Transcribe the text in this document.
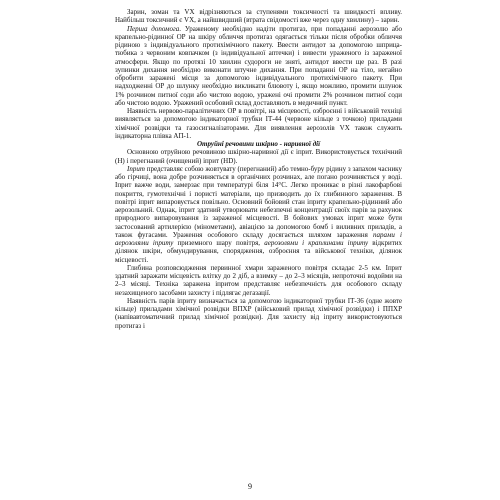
Зарин, зоман та VX відрізняються за ступенями токсичності та швидкості впливу. Найбільш токсичний є VX, а найшвидший (втрата свідомості вже через одну хвилину) – зарин.

Перша допомога. Ураженому необхідно надіти протигаз, при попаданні аерозолю або крапельно-рідинної ОР на шкіру обличчя протигаз одягається тільки після обробки обличчя рідиною з індивідуального протихімічного пакету. Ввести антидот за допомогою шприца-тюбика з червоним ковпачком (з індивідуальної аптечки) і вивести ураженого із зараженої атмосфери. Якщо по протязі 10 хвилин судороги не зняті, антидот ввести ще раз. В разі зупинки дихання необхідно виконати штучне дихання. При попаданні ОР на тіло, негайно обробити заражені місця за допомогою індивідуального протихімічного пакету. При надходженні ОР до шлунку необхідно викликати блювоту і, якщо можливо, промити шлунок 1% розчином питної соди або чистою водою, уражені очі промити 2% розчином питної соди або чистою водою. Уражений особовий склад доставляють в медичний пункт.

Наявність нервово-паралітичних ОР в повітрі, на місцевості, озброєнні і військовій техніці виявляється за допомогою індикаторної трубки ІТ-44 (червоне кільце з точкою) приладами хімічної розвідки та газосигналізаторами. Для виявлення аерозолів VX також служить індикаторна плівка АП-1.

Отруйні речовини шкірно - наривної дії

Основною отруйною речовиною шкірно-наривної дії є іприт. Використовується технічний (Н) і перегнаний (очищений) іприт (HD).

Іприт представляє собою жовтувату (перегнаний) або темно-буру рідину з запахом часнику або гірчиці, вона добре розчиняється в органічних розчинах, але погано розчиняється у воді. Іприт важче води, замерзає при температурі біля 14°С. Легко проникає в різні лакофарбові покриття, гумотехнічні і пористі матеріали, що призводить до їх глибинного зараження. В повітрі іприт випаровується повільно. Основний бойовий стан іприту крапельно-рідинний або аерозольний. Однак, іприт здатний утворювати небезпечні концентрації своїх парів за рахунок природного випаровування із зараженої місцевості. В бойових умовах іприт може бути застосований артилерією (мінометами), авіацією за допомогою бомб і виливних приладів, а також фугасами. Ураження особового складу досягається шляхом зараження парами і аерозолями іприту приземного шару повітря, аерозолями і краплинами іприту відкритих ділянок шкіри, обмундирування, спорядження, озброєння та військової техніки, ділянок місцевості.

Глибина розповсюдження первинної хмари зараженого повітря складає 2-5 км. Іприт здатний заражати місцевість влітку до 2 діб, а взимку – до 2–3 місяців, непроточні водойми на 2–3 місяці. Техніка заражена іпритом представляє небезпечність для особового складу незахищеного засобами захисту і підлягає дегазації.

Наявність парів іприту визначається за допомогою індикаторної трубки ІТ-36 (одне жовте кільце) приладами хімічної розвідки ВПХР (військовий прилад хімічної розвідки) і ППХР (напівавтоматичний прилад хімічної розвідки). Для захисту від іприту використовуються протигаз і

9
